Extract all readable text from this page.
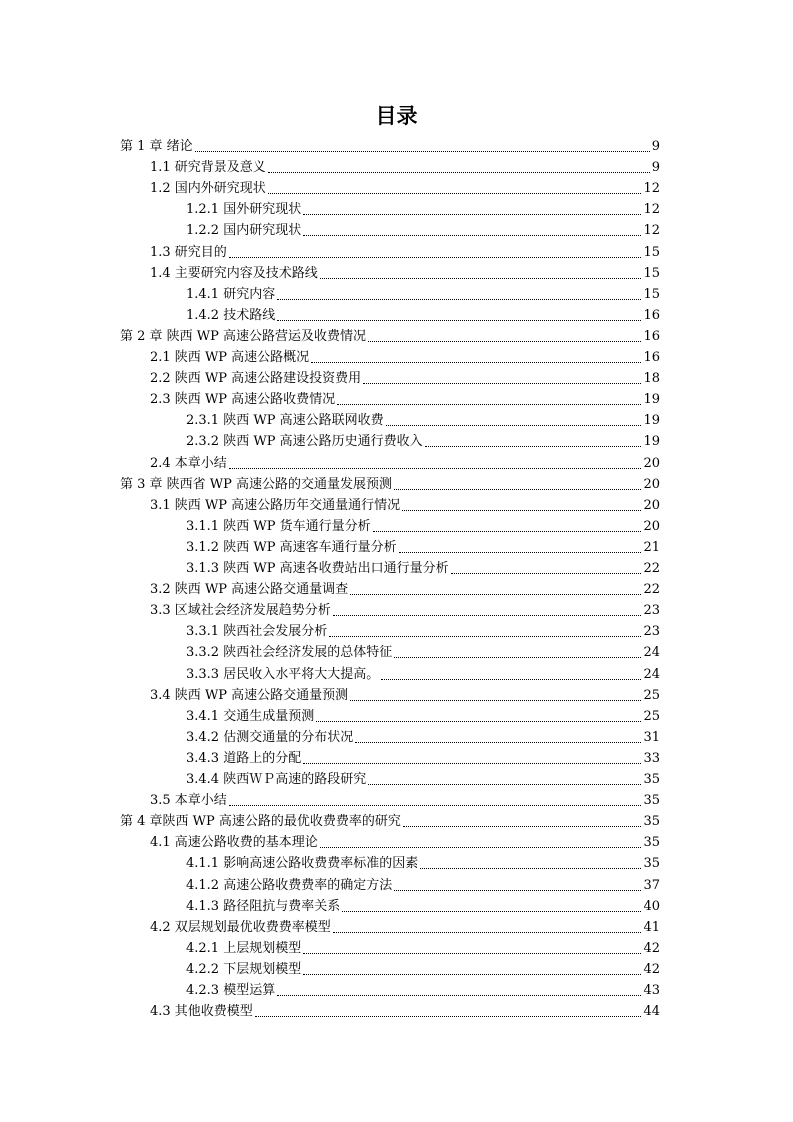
目录
第 1 章 绪论	9
1.1 研究背景及意义	9
1.2 国内外研究现状	12
1.2.1 国外研究现状	12
1.2.2 国内研究现状	12
1.3 研究目的	15
1.4 主要研究内容及技术路线	15
1.4.1 研究内容	15
1.4.2 技术路线	16
第 2 章 陕西 WP 高速公路营运及收费情况	16
2.1 陕西 WP 高速公路概况	16
2.2 陕西 WP 高速公路建设投资费用	18
2.3 陕西 WP 高速公路收费情况	19
2.3.1 陕西 WP 高速公路联网收费	19
2.3.2 陕西 WP 高速公路历史通行费收入	19
2.4 本章小结	20
第 3 章 陕西省 WP 高速公路的交通量发展预测	20
3.1 陕西 WP 高速公路历年交通量通行情况	20
3.1.1 陕西 WP 货车通行量分析	20
3.1.2 陕西 WP 高速客车通行量分析	21
3.1.3 陕西 WP 高速各收费站出口通行量分析	22
3.2 陕西 WP 高速公路交通量调查	22
3.3 区域社会经济发展趋势分析	23
3.3.1 陕西社会发展分析	23
3.3.2 陕西社会经济发展的总体特征	24
3.3.3 居民收入水平将大大提高。	24
3.4 陕西 WP 高速公路交通量预测	25
3.4.1 交通生成量预测	25
3.4.2 估测交通量的分布状况	31
3.4.3 道路上的分配	33
3.4.4 陕西ＷＰ高速的路段研究	35
3.5 本章小结	35
第 4 章陕西 WP 高速公路的最优收费费率的研究	35
4.1 高速公路收费的基本理论	35
4.1.1 影响高速公路收费费率标准的因素	35
4.1.2 高速公路收费费率的确定方法	37
4.1.3 路径阻抗与费率关系	40
4.2 双层规划最优收费费率模型	41
4.2.1 上层规划模型	42
4.2.2 下层规划模型	42
4.2.3 模型运算	43
4.3 其他收费模型	44
